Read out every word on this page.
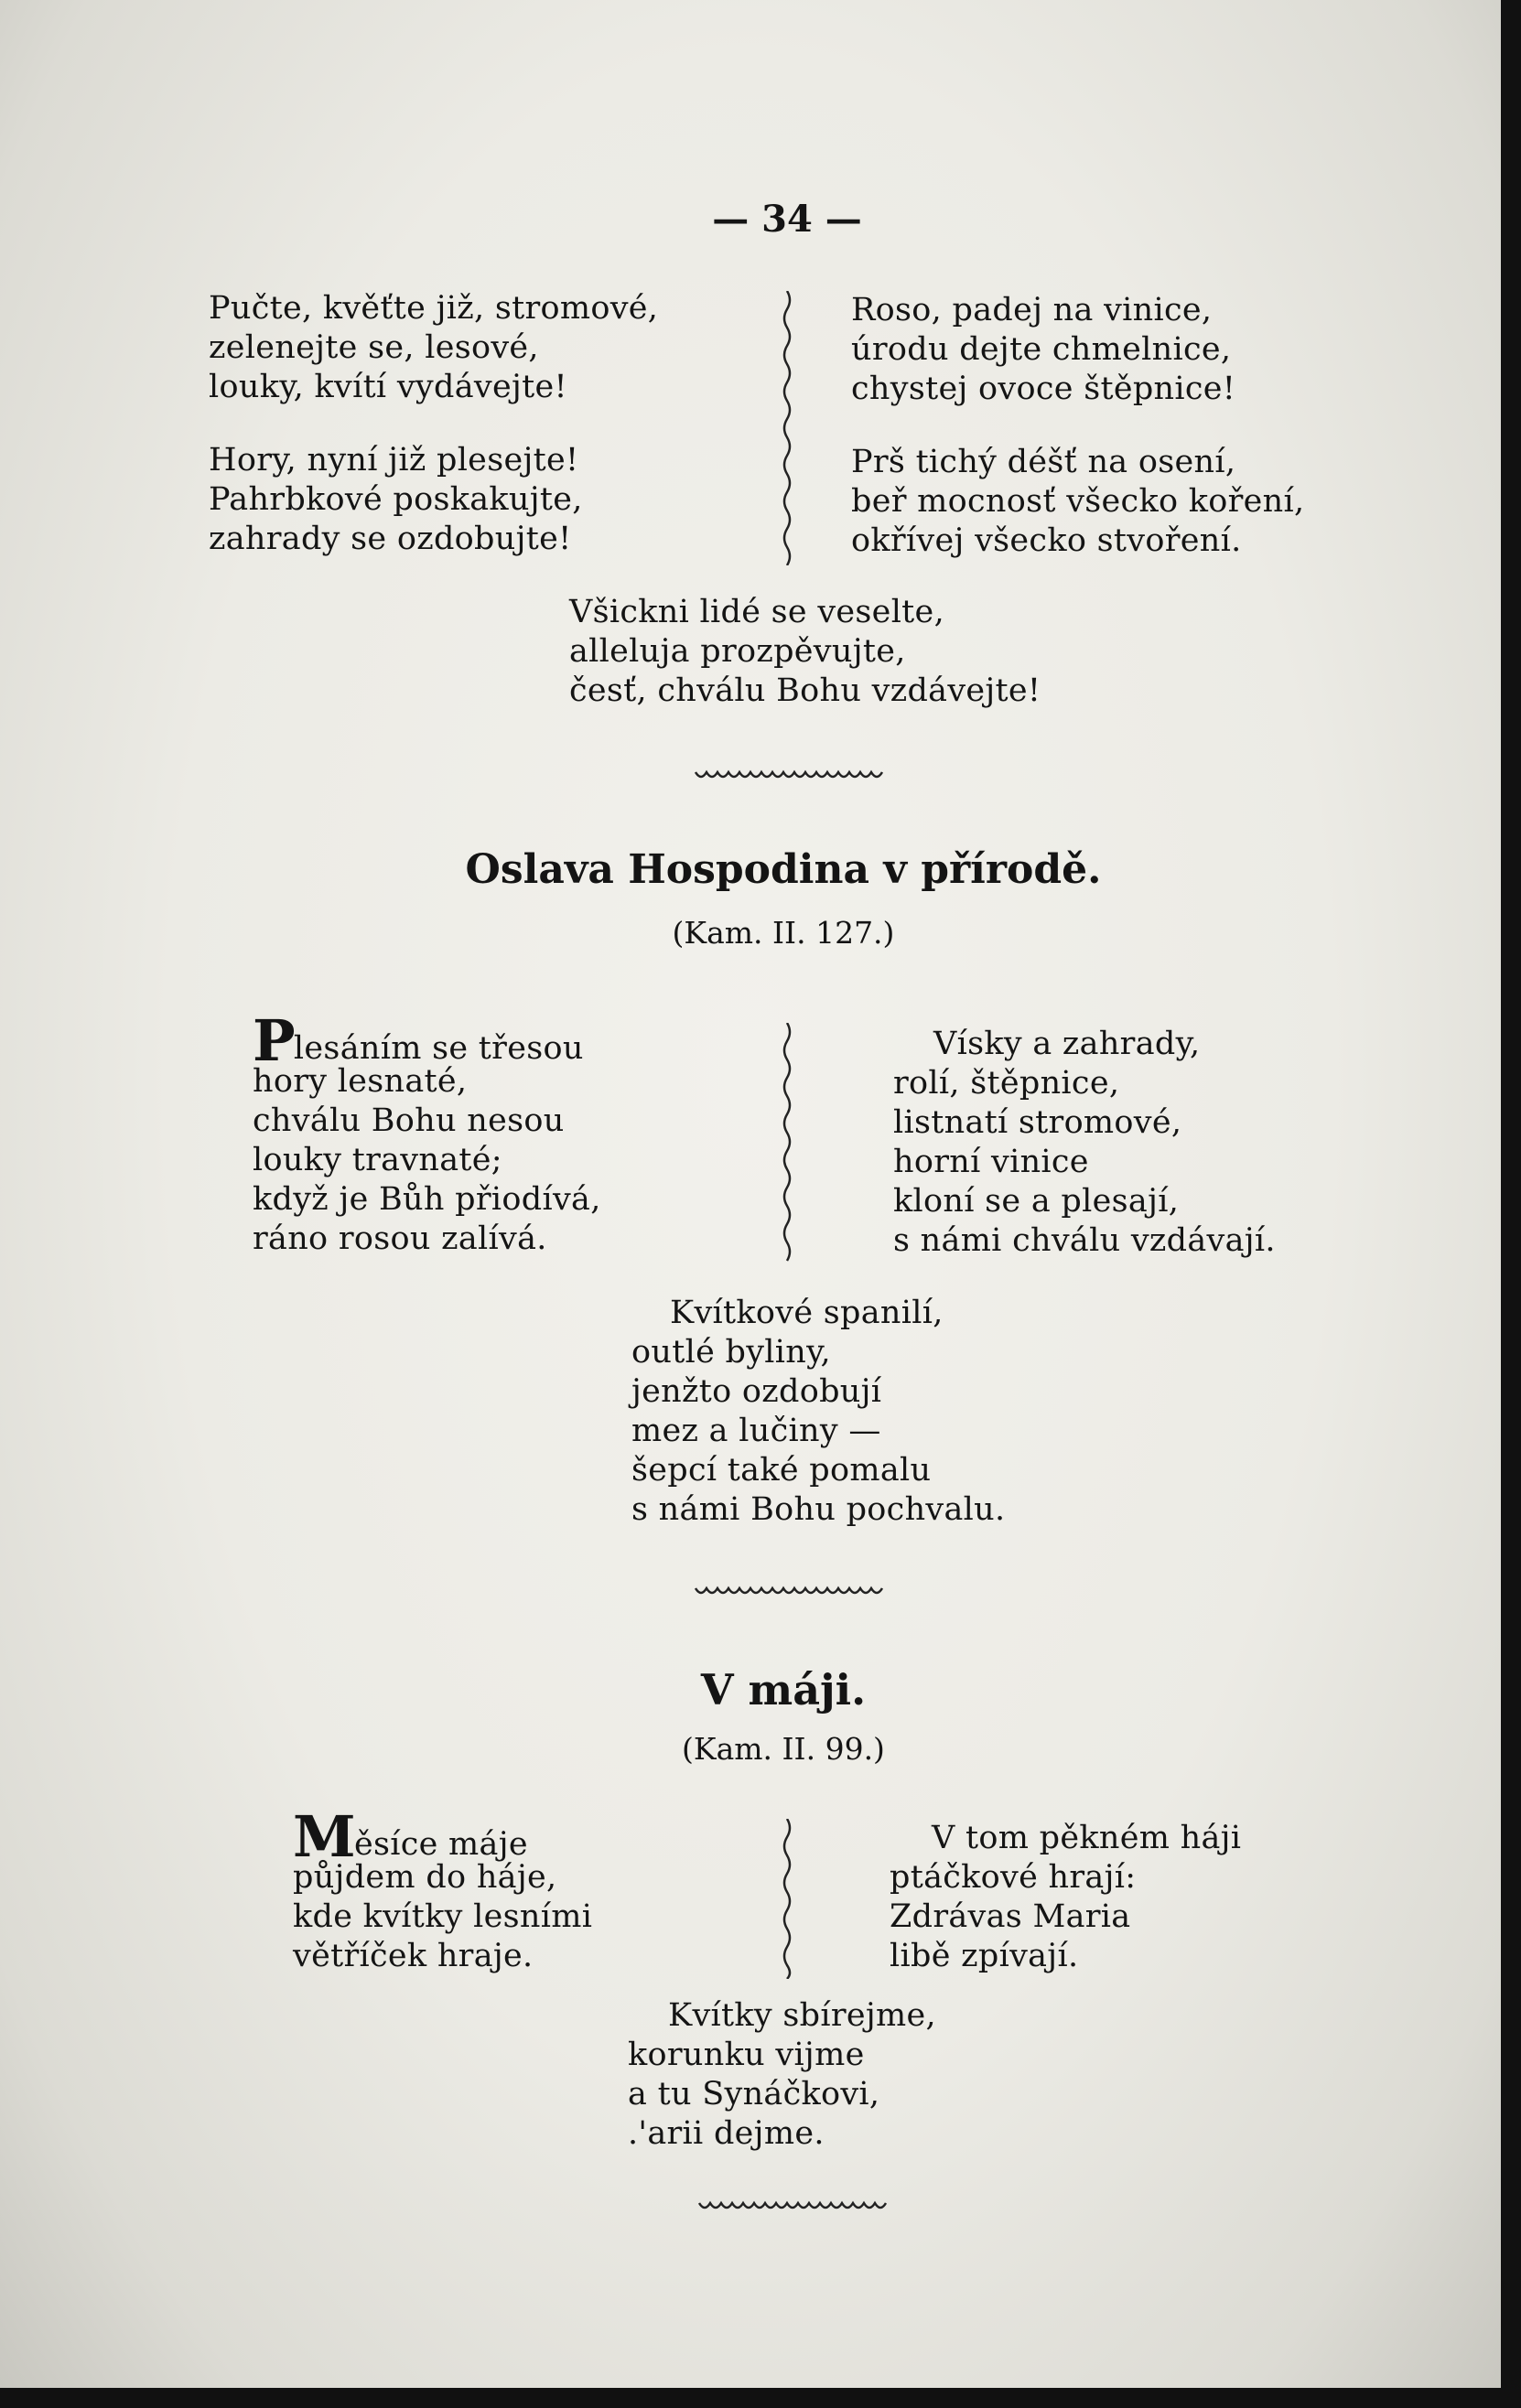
— 34 —
Pučte, kvěťte již, stromové,
zelenejte se, lesové,
louky, kvítí vydávejte!
Hory, nyní již plesejte!
Pahrbkové poskakujte,
zahrady se ozdobujte!
Roso, padej na vinice,
úrodu dejte chmelnice,
chystej ovoce štěpnice!
Prš tichý déšť na osení,
beř mocnosť všecko koření,
okřívej všecko stvoření.
Všickni lidé se veselte,
alleluja prozpěvujte,
česť, chválu Bohu vzdávejte!
Oslava Hospodina v přírodě.
(Kam. II. 127.)
Plesáním se třesou
hory lesnaté,
chválu Bohu nesou
louky travnaté;
když je Bůh přiodívá,
ráno rosou zalívá.
Vísky a zahrady,
rolí, štěpnice,
listnatí stromové,
horní vinice
kloní se a plesají,
s námi chválu vzdávají.
Kvítkové spanilí,
outlé byliny,
jenžto ozdobují
mez a lučiny —
šepcí také pomalu
s námi Bohu pochvalu.
V máji.
(Kam. II. 99.)
Měsíce máje
půjdem do háje,
kde kvítky lesními
větříček hraje.
V tom pěkném háji
ptáčkové hrají:
Zdrávas Maria
libě zpívají.
Kvítky sbírejme,
korunku vijme
a tu Synáčkovi,
.'arii dejme.
